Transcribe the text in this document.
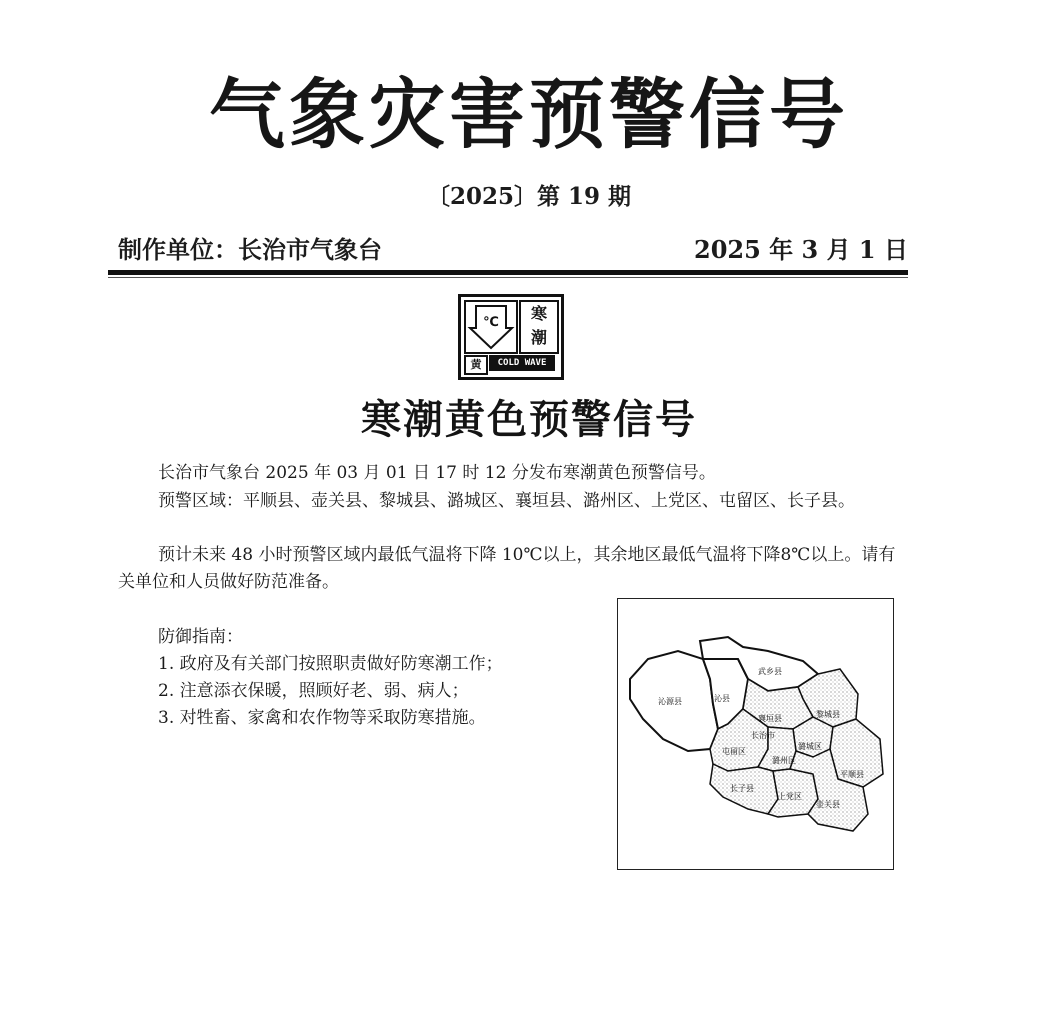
气象灾害预警信号
〔2025〕第 19 期
制作单位：长治市气象台	2025 年 3 月 1 日
℃	寒
潮
黄	COLD WAVE
寒潮黄色预警信号
长治市气象台 2025 年 03 月 01 日 17 时 12 分发布寒潮黄色预警信号。
预警区域：平顺县、壶关县、黎城县、潞城区、襄垣县、潞州区、上党区、屯留区、长子县。
预计未来 48 小时预警区域内最低气温将下降 10℃以上，其余地区最低气温将下降8℃以上。请有关单位和人员做好防范准备。
防御指南：
1. 政府及有关部门按照职责做好防寒潮工作；
2. 注意添衣保暖，照顾好老、弱、病人；
3. 对牲畜、家禽和农作物等采取防寒措施。
沁源县	沁县
武乡县
黎城县
襄垣县
长治市
屯留区
潞城区
潞州区
平顺县
长子县
上党区
壶关县
